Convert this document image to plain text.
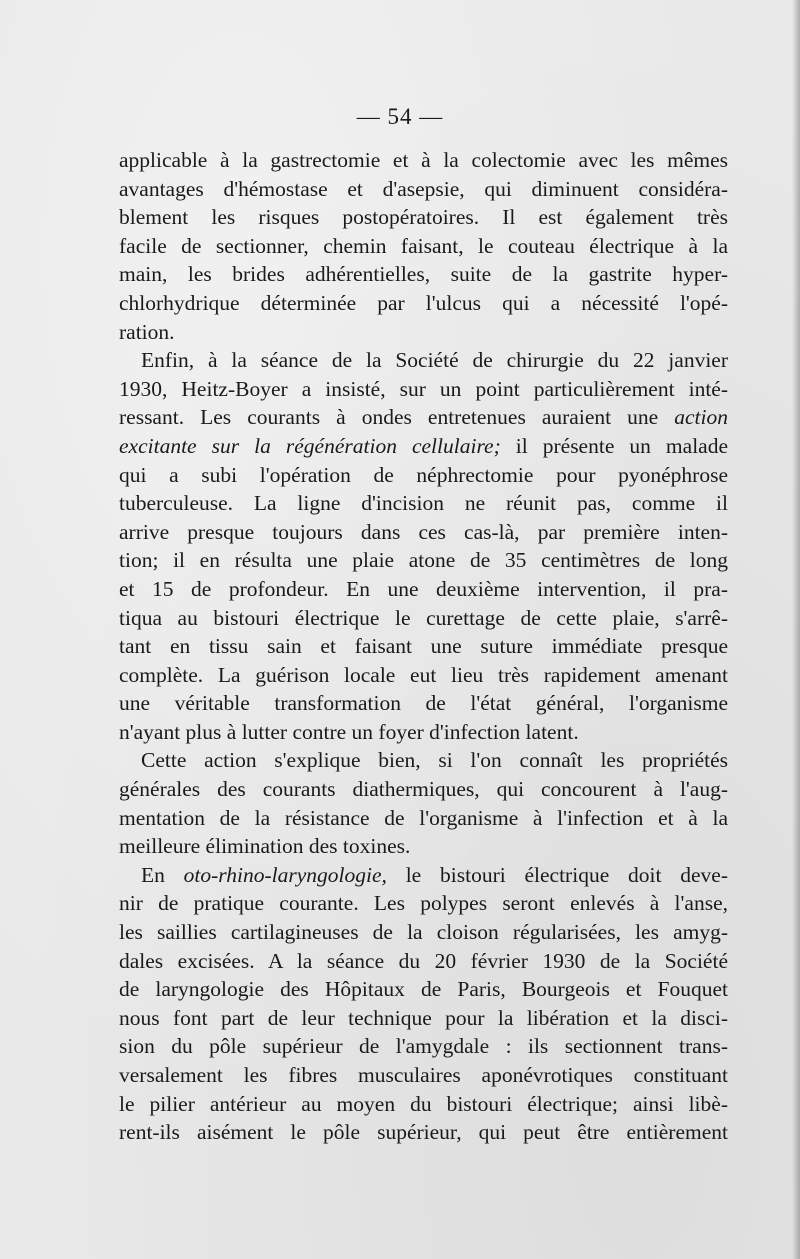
— 54 —
applicable à la gastrectomie et à la colectomie avec les mêmes
avantages d'hémostase et d'asepsie, qui diminuent considéra-
blement les risques postopératoires. Il est également très
facile de sectionner, chemin faisant, le couteau électrique à la
main, les brides adhérentielles, suite de la gastrite hyper-
chlorhydrique déterminée par l'ulcus qui a nécessité l'opé-
ration.
Enfin, à la séance de la Société de chirurgie du 22 janvier
1930, Heitz-Boyer a insisté, sur un point particulièrement inté-
ressant. Les courants à ondes entretenues auraient une action
excitante sur la régénération cellulaire; il présente un malade
qui a subi l'opération de néphrectomie pour pyonéphrose
tuberculeuse. La ligne d'incision ne réunit pas, comme il
arrive presque toujours dans ces cas-là, par première inten-
tion; il en résulta une plaie atone de 35 centimètres de long
et 15 de profondeur. En une deuxième intervention, il pra-
tiqua au bistouri électrique le curettage de cette plaie, s'arrê-
tant en tissu sain et faisant une suture immédiate presque
complète. La guérison locale eut lieu très rapidement amenant
une véritable transformation de l'état général, l'organisme
n'ayant plus à lutter contre un foyer d'infection latent.
Cette action s'explique bien, si l'on connaît les propriétés
générales des courants diathermiques, qui concourent à l'aug-
mentation de la résistance de l'organisme à l'infection et à la
meilleure élimination des toxines.
En oto-rhino-laryngologie, le bistouri électrique doit deve-
nir de pratique courante. Les polypes seront enlevés à l'anse,
les saillies cartilagineuses de la cloison régularisées, les amyg-
dales excisées. A la séance du 20 février 1930 de la Société
de laryngologie des Hôpitaux de Paris, Bourgeois et Fouquet
nous font part de leur technique pour la libération et la disci-
sion du pôle supérieur de l'amygdale : ils sectionnent trans-
versalement les fibres musculaires aponévrotiques constituant
le pilier antérieur au moyen du bistouri électrique; ainsi libè-
rent-ils aisément le pôle supérieur, qui peut être entièrement
